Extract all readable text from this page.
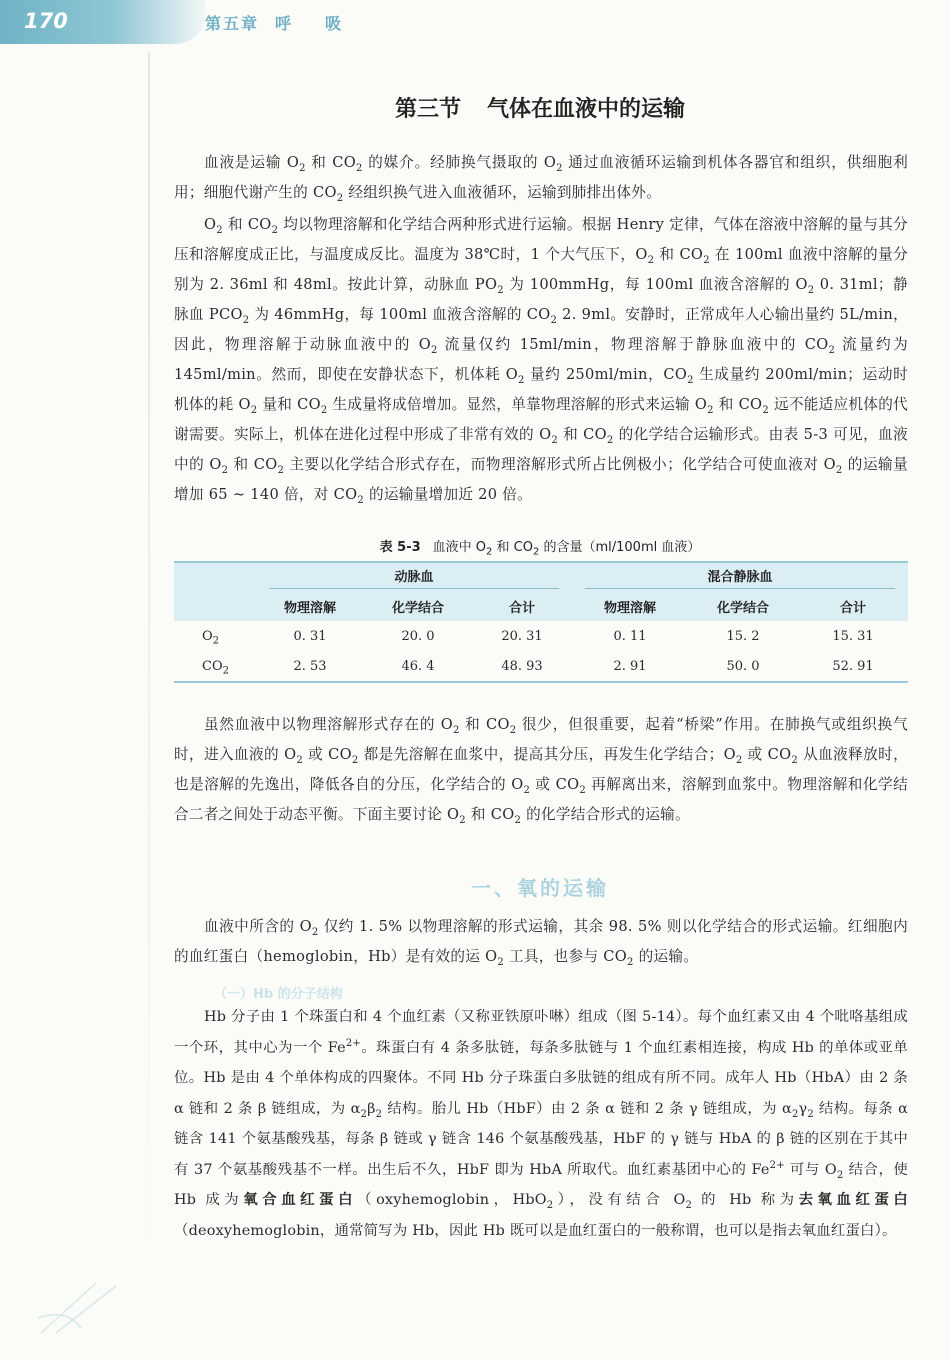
170	第五章 呼 吸
第三节 气体在血液中的运输

血液是运输 $O_2$ 和 $CO_2$ 的媒介。经肺换气摄取的 $O_2$ 通过血液循环运输到机体各器官和组织，供细胞利用；细胞代谢产生的 $CO_2$ 经组织换气进入血液循环，运输到肺排出体外。

$O_2$ 和 $CO_2$ 均以物理溶解和化学结合两种形式进行运输。根据 Henry 定律，气体在溶液中溶解的量与其分压和溶解度成正比，与温度成反比。温度为 38℃时，1 个大气压下，$O_2$ 和 $CO_2$ 在 100ml 血液中溶解的量分别为 2. 36ml 和 48ml。按此计算，动脉血 $PO_2$ 为 100mmHg，每 100ml 血液含溶解的 $O_2$ 0. 31ml；静脉血 $PCO_2$ 为 46mmHg，每 100ml 血液含溶解的 $CO_2$ 2. 9ml。安静时，正常成年人心输出量约 5L/min，因此，物理溶解于动脉血液中的 $O_2$ 流量仅约 15ml/min，物理溶解于静脉血液中的 $CO_2$ 流量约为 145ml/min。然而，即使在安静状态下，机体耗 $O_2$ 量约 250ml/min，$CO_2$ 生成量约 200ml/min；运动时机体的耗 $O_2$ 量和 $CO_2$ 生成量将成倍增加。显然，单靠物理溶解的形式来运输 $O_2$ 和 $CO_2$ 远不能适应机体的代谢需要。实际上，机体在进化过程中形成了非常有效的 $O_2$ 和 $CO_2$ 的化学结合运输形式。由表 5-3 可见，血液中的 $O_2$ 和 $CO_2$ 主要以化学结合形式存在，而物理溶解形式所占比例极小；化学结合可使血液对 $O_2$ 的运输量增加 65 ~ 140 倍，对 $CO_2$ 的运输量增加近 20 倍。

表 5-3 血液中 $O_2$ 和 $CO_2$ 的含量（ml/100ml 血液）
	动脉血			混合静脉血		
	物理溶解	化学结合	合计	物理溶解	化学结合	合计
$O_2$	0. 31	20. 0	20. 31	0. 11	15. 2	15. 31
$CO_2$	2. 53	46. 4	48. 93	2. 91	50. 0	52. 91

虽然血液中以物理溶解形式存在的 $O_2$ 和 $CO_2$ 很少，但很重要，起着“桥梁”作用。在肺换气或组织换气时，进入血液的 $O_2$ 或 $CO_2$ 都是先溶解在血浆中，提高其分压，再发生化学结合；$O_2$ 或 $CO_2$ 从血液释放时，也是溶解的先逸出，降低各自的分压，化学结合的 $O_2$ 或 $CO_2$ 再解离出来，溶解到血浆中。物理溶解和化学结合二者之间处于动态平衡。下面主要讨论 $O_2$ 和 $CO_2$ 的化学结合形式的运输。

一、氧的运输

血液中所含的 $O_2$ 仅约 1. 5% 以物理溶解的形式运输，其余 98. 5% 则以化学结合的形式运输。红细胞内的血红蛋白（hemoglobin，Hb）是有效的运 $O_2$ 工具，也参与 $CO_2$ 的运输。

（一）Hb 的分子结构

Hb 分子由 1 个珠蛋白和 4 个血红素（又称亚铁原卟啉）组成（图 5-14）。每个血红素又由 4 个吡咯基组成一个环，其中心为一个 $Fe^{2+}$。珠蛋白有 4 条多肽链，每条多肽链与 1 个血红素相连接，构成 Hb 的单体或亚单位。Hb 是由 4 个单体构成的四聚体。不同 Hb 分子珠蛋白多肽链的组成有所不同。成年人 Hb（HbA）由 2 条 α 链和 2 条 β 链组成，为 $\alpha_2\beta_2$ 结构。胎儿 Hb（HbF）由 2 条 α 链和 2 条 γ 链组成，为 $\alpha_2\gamma_2$ 结构。每条 α 链含 141 个氨基酸残基，每条 β 链或 γ 链含 146 个氨基酸残基，HbF 的 γ 链与 HbA 的 β 链的区别在于其中有 37 个氨基酸残基不一样。出生后不久，HbF 即为 HbA 所取代。血红素基团中心的 $Fe^{2+}$ 可与 $O_2$ 结合，使 Hb 成为氧合血红蛋白（oxyhemoglobin，HbO$_2$），没有结合 $O_2$ 的 Hb 称为去氧血红蛋白（deoxyhemoglobin，通常简写为 Hb，因此 Hb 既可以是血红蛋白的一般称谓，也可以是指去氧血红蛋白）。
